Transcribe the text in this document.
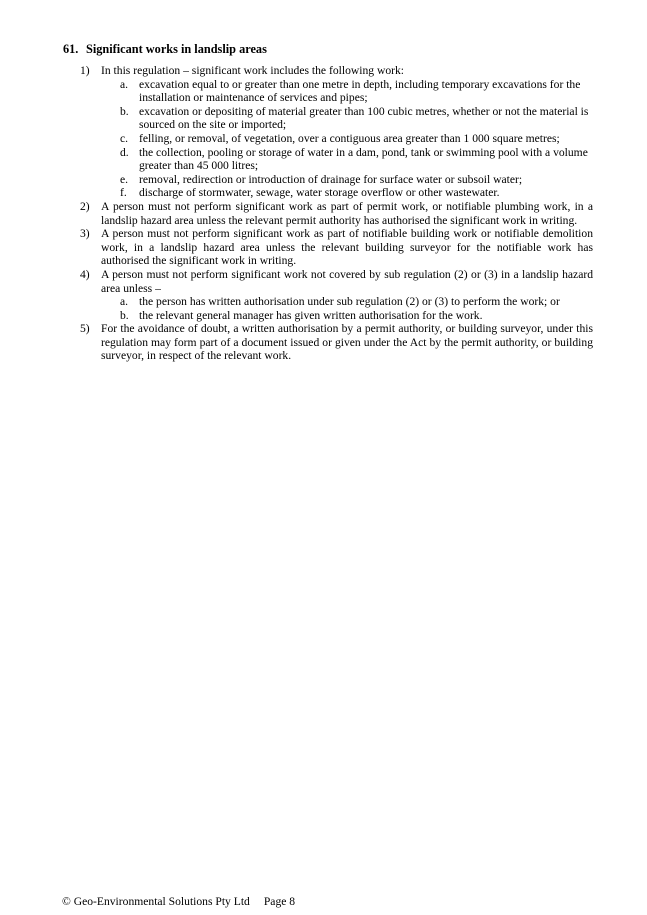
61. Significant works in landslip areas
1) In this regulation – significant work includes the following work:
a. excavation equal to or greater than one metre in depth, including temporary excavations for the installation or maintenance of services and pipes;
b. excavation or depositing of material greater than 100 cubic metres, whether or not the material is sourced on the site or imported;
c. felling, or removal, of vegetation, over a contiguous area greater than 1 000 square metres;
d. the collection, pooling or storage of water in a dam, pond, tank or swimming pool with a volume greater than 45 000 litres;
e. removal, redirection or introduction of drainage for surface water or subsoil water;
f. discharge of stormwater, sewage, water storage overflow or other wastewater.
2) A person must not perform significant work as part of permit work, or notifiable plumbing work, in a landslip hazard area unless the relevant permit authority has authorised the significant work in writing.
3) A person must not perform significant work as part of notifiable building work or notifiable demolition work, in a landslip hazard area unless the relevant building surveyor for the notifiable work has authorised the significant work in writing.
4) A person must not perform significant work not covered by sub regulation (2) or (3) in a landslip hazard area unless –
a. the person has written authorisation under sub regulation (2) or (3) to perform the work; or
b. the relevant general manager has given written authorisation for the work.
5) For the avoidance of doubt, a written authorisation by a permit authority, or building surveyor, under this regulation may form part of a document issued or given under the Act by the permit authority, or building surveyor, in respect of the relevant work.
© Geo-Environmental Solutions Pty Ltd Page 8
